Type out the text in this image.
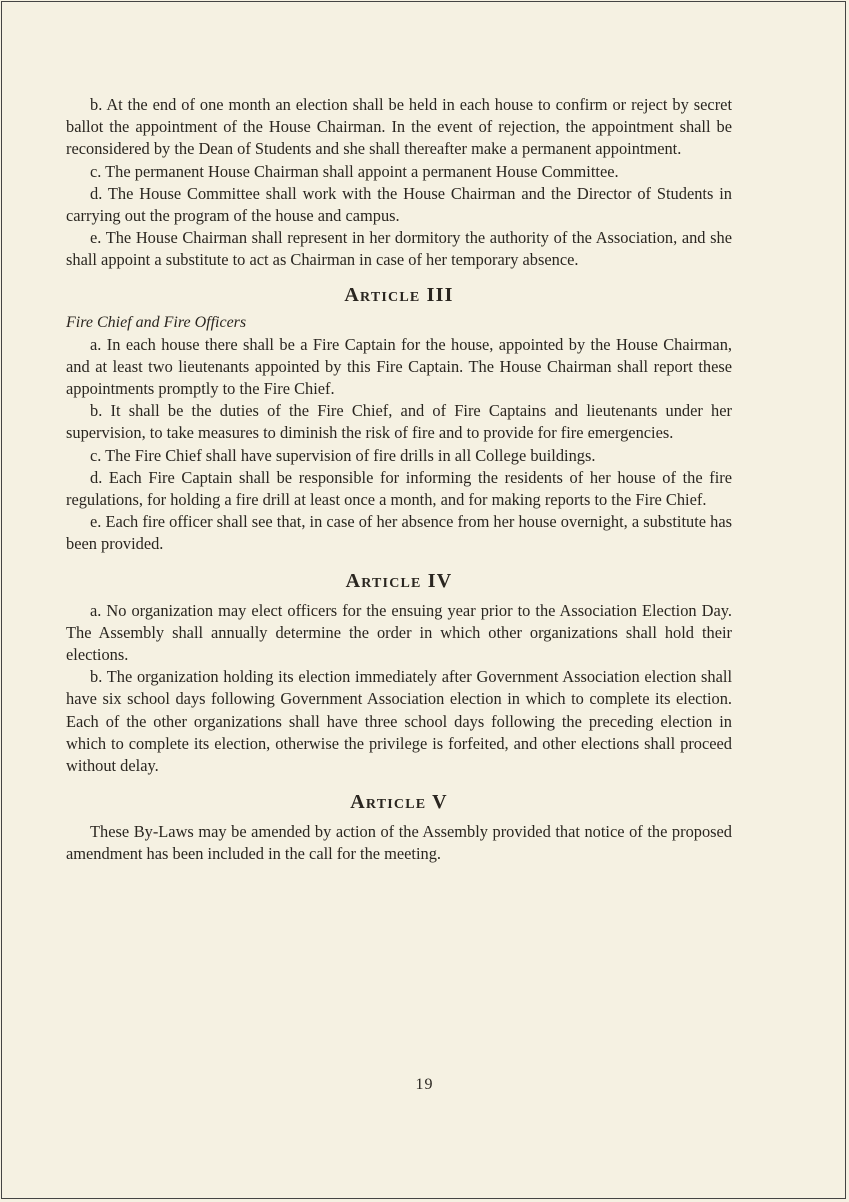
b. At the end of one month an election shall be held in each house to confirm or reject by secret ballot the appointment of the House Chairman. In the event of rejection, the appointment shall be reconsidered by the Dean of Students and she shall thereafter make a permanent appointment.

c. The permanent House Chairman shall appoint a permanent House Committee.

d. The House Committee shall work with the House Chairman and the Director of Students in carrying out the program of the house and campus.

e. The House Chairman shall represent in her dormitory the authority of the Association, and she shall appoint a substitute to act as Chairman in case of her temporary absence.

Article III

Fire Chief and Fire Officers

a. In each house there shall be a Fire Captain for the house, appointed by the House Chairman, and at least two lieutenants appointed by this Fire Captain. The House Chairman shall report these appointments promptly to the Fire Chief.

b. It shall be the duties of the Fire Chief, and of Fire Captains and lieutenants under her supervision, to take measures to diminish the risk of fire and to provide for fire emergencies.

c. The Fire Chief shall have supervision of fire drills in all College buildings.

d. Each Fire Captain shall be responsible for informing the residents of her house of the fire regulations, for holding a fire drill at least once a month, and for making reports to the Fire Chief.

e. Each fire officer shall see that, in case of her absence from her house overnight, a substitute has been provided.

Article IV

a. No organization may elect officers for the ensuing year prior to the Association Election Day. The Assembly shall annually determine the order in which other organizations shall hold their elections.

b. The organization holding its election immediately after Government Association election shall have six school days following Government Association election in which to complete its election. Each of the other organizations shall have three school days following the preceding election in which to complete its election, otherwise the privilege is forfeited, and other elections shall proceed without delay.

Article V

These By-Laws may be amended by action of the Assembly provided that notice of the proposed amendment has been included in the call for the meeting.

19
